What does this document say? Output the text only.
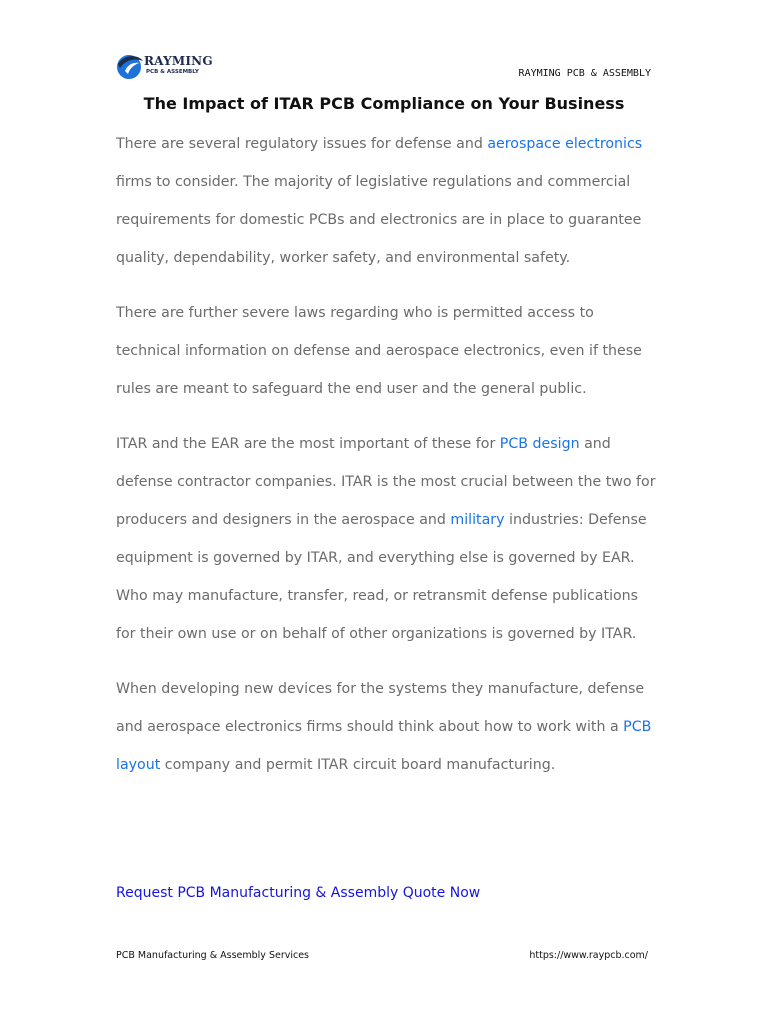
RAYMING
PCB & ASSEMBLY	RAYMING PCB & ASSEMBLY
The Impact of ITAR PCB Compliance on Your Business

There are several regulatory issues for defense and aerospace electronics firms to consider. The majority of legislative regulations and commercial requirements for domestic PCBs and electronics are in place to guarantee quality, dependability, worker safety, and environmental safety.

There are further severe laws regarding who is permitted access to technical information on defense and aerospace electronics, even if these rules are meant to safeguard the end user and the general public.

ITAR and the EAR are the most important of these for PCB design and defense contractor companies. ITAR is the most crucial between the two for producers and designers in the aerospace and military industries: Defense equipment is governed by ITAR, and everything else is governed by EAR. Who may manufacture, transfer, read, or retransmit defense publications for their own use or on behalf of other organizations is governed by ITAR.

When developing new devices for the systems they manufacture, defense and aerospace electronics firms should think about how to work with a PCB layout company and permit ITAR circuit board manufacturing.

Request PCB Manufacturing & Assembly Quote Now
PCB Manufacturing & Assembly Services	https://www.raypcb.com/
